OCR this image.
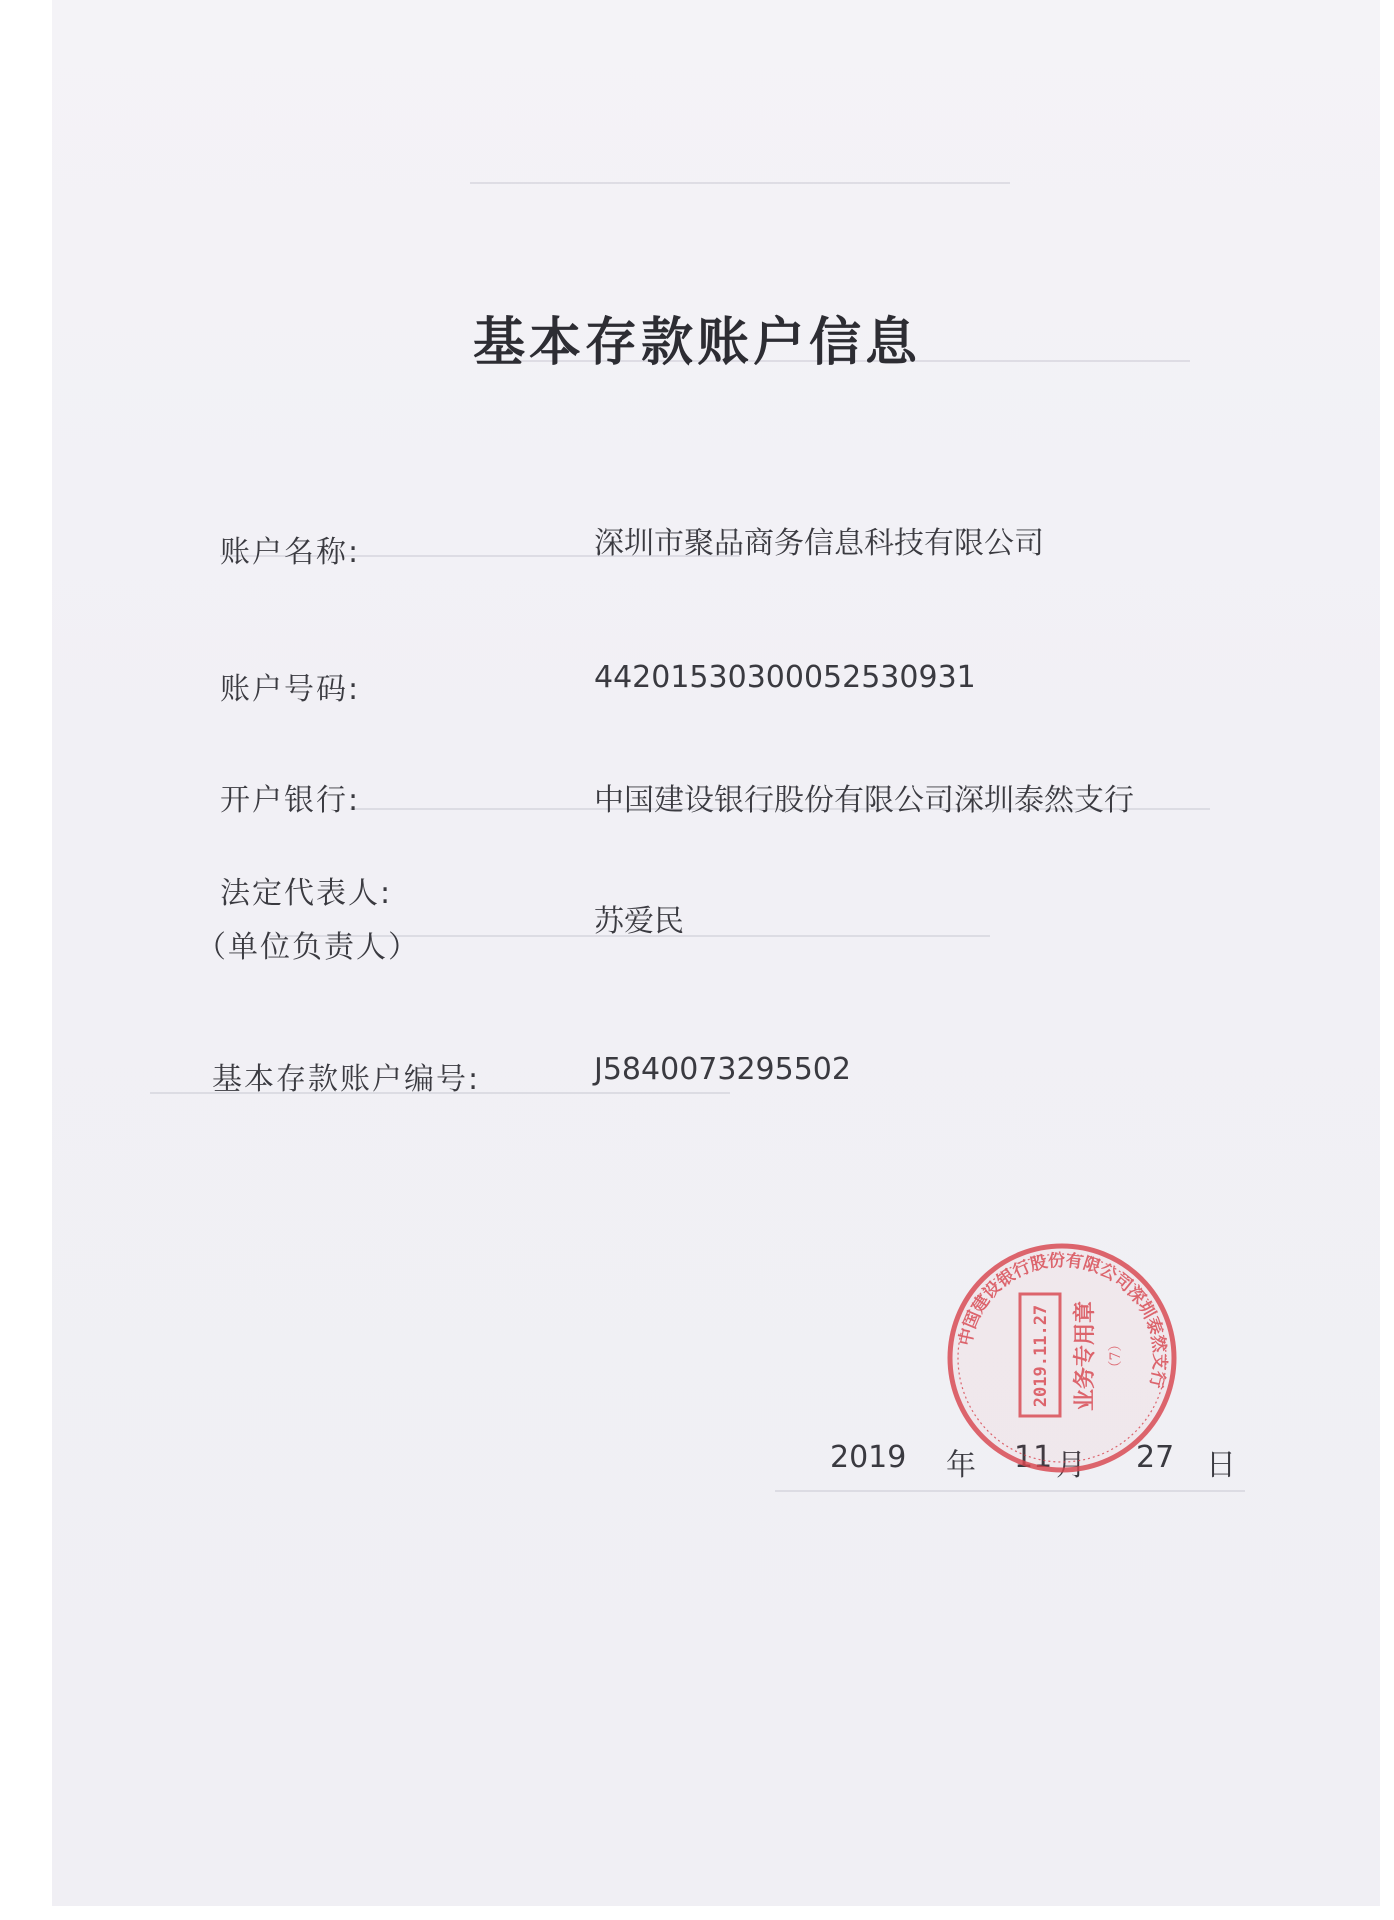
基本存款账户信息
账户名称:	深圳市聚品商务信息科技有限公司
账户号码:	44201530300052530931
开户银行:	中国建设银行股份有限公司深圳泰然支行
法定代表人:
（单位负责人）
苏爱民
基本存款账户编号:	J5840073295502
2019 年	27 日
中国建设银行股份有限公司深圳泰然支行
2019.11.27 业务专用章 （7）
